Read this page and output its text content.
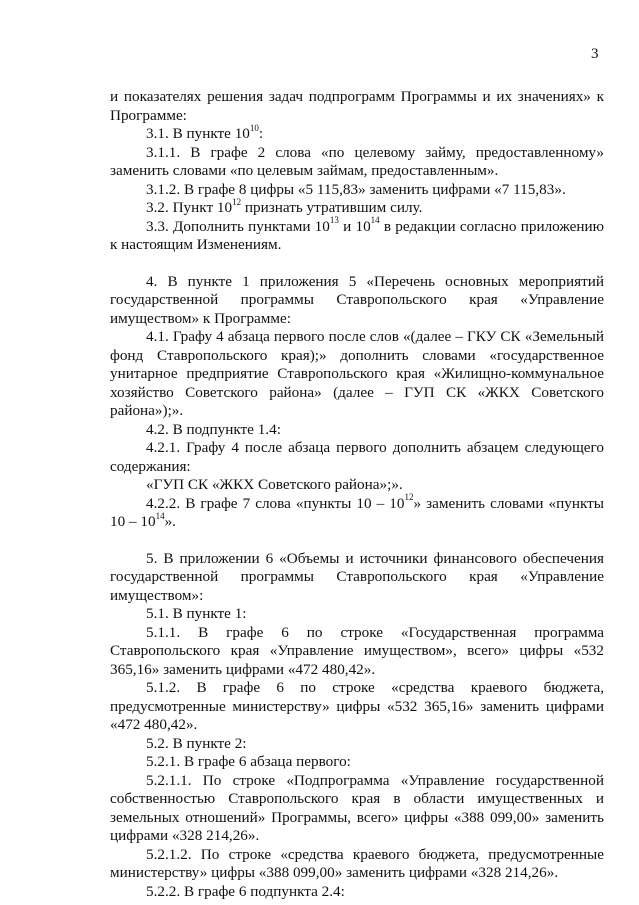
3

и показателях решения задач подпрограмм Программы и их значениях» к Программе:

3.1. В пункте $10^{10}$:

3.1.1. В графе 2 слова «по целевому займу, предоставленному» заменить словами «по целевым займам, предоставленным».

3.1.2. В графе 8 цифры «5 115,83» заменить цифрами «7 115,83».

3.2. Пункт $10^{12}$ признать утратившим силу.

3.3. Дополнить пунктами $10^{13}$ и $10^{14}$ в редакции согласно приложению к настоящим Изменениям.

4. В пункте 1 приложения 5 «Перечень основных мероприятий государственной программы Ставропольского края «Управление имуществом» к Программе:

4.1. Графу 4 абзаца первого после слов «(далее – ГКУ СК «Земельный фонд Ставропольского края);» дополнить словами «государственное унитарное предприятие Ставропольского края «Жилищно-коммунальное хозяйство Советского района» (далее – ГУП СК «ЖКХ Советского района»);».

4.2. В подпункте 1.4:

4.2.1. Графу 4 после абзаца первого дополнить абзацем следующего содержания:

«ГУП СК «ЖКХ Советского района»;».

4.2.2. В графе 7 слова «пункты $10 - 10^{12}$» заменить словами «пункты $10 - 10^{14}$».

5. В приложении 6 «Объемы и источники финансового обеспечения государственной программы Ставропольского края «Управление имуществом»:

5.1. В пункте 1:

5.1.1. В графе 6 по строке «Государственная программа Ставропольского края «Управление имуществом», всего» цифры «532 365,16» заменить цифрами «472 480,42».

5.1.2. В графе 6 по строке «средства краевого бюджета, предусмотренные министерству» цифры «532 365,16» заменить цифрами «472 480,42».

5.2. В пункте 2:

5.2.1. В графе 6 абзаца первого:

5.2.1.1. По строке «Подпрограмма «Управление государственной собственностью Ставропольского края в области имущественных и земельных отношений» Программы, всего» цифры «388 099,00» заменить цифрами «328 214,26».

5.2.1.2. По строке «средства краевого бюджета, предусмотренные министерству» цифры «388 099,00» заменить цифрами «328 214,26».

5.2.2. В графе 6 подпункта 2.4:
